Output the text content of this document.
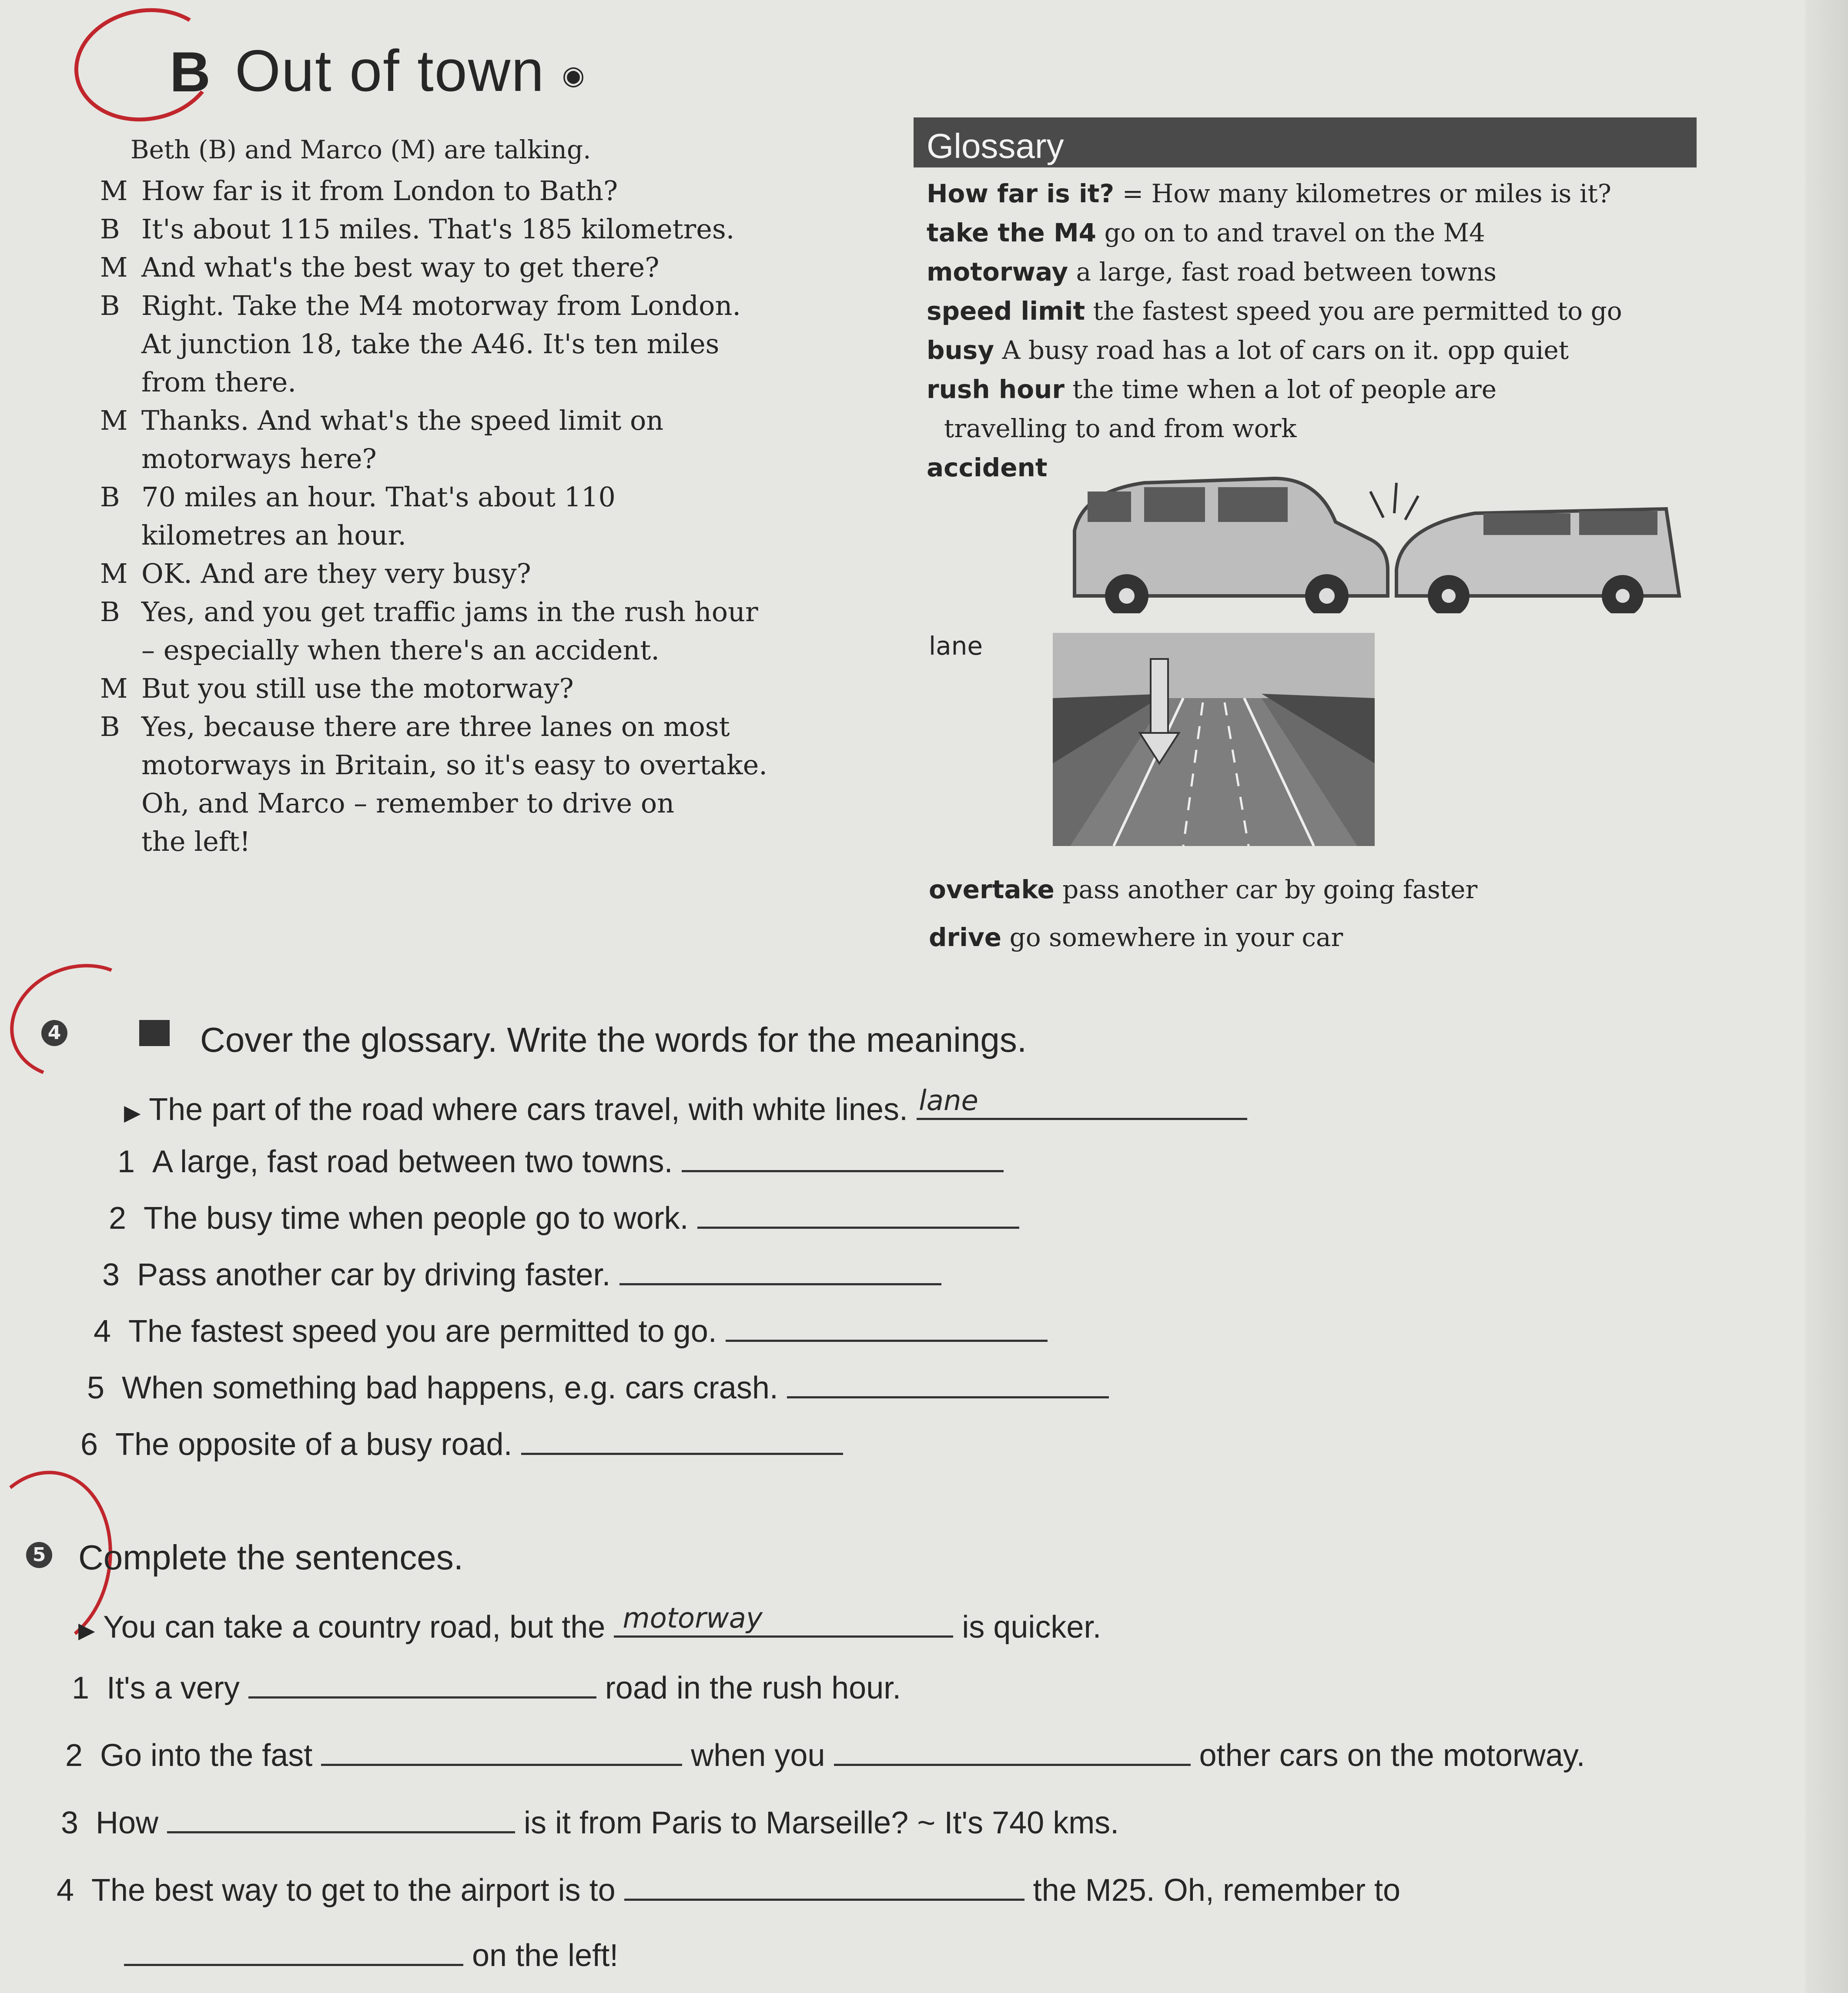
B Out of town ◉
Beth (B) and Marco (M) are talking.
M How far is it from London to Bath?
B It's about 115 miles. That's 185 kilometres.
M And what's the best way to get there?
B Right. Take the M4 motorway from London.
At junction 18, take the A46. It's ten miles
from there.
M Thanks. And what's the speed limit on
motorways here?
B 70 miles an hour. That's about 110
kilometres an hour.
M OK. And are they very busy?
B Yes, and you get traffic jams in the rush hour
– especially when there's an accident.
M But you still use the motorway?
B Yes, because there are three lanes on most
motorways in Britain, so it's easy to overtake.
Oh, and Marco – remember to drive on
the left!
Glossary
How far is it? = How many kilometres or miles is it?
take the M4 go on to and travel on the M4
motorway a large, fast road between towns
speed limit the fastest speed you are permitted to go
busy A busy road has a lot of cars on it. opp quiet
rush hour the time when a lot of people are
travelling to and from work
accident
lane
overtake pass another car by going faster
drive go somewhere in your car
4	Cover the glossary. Write the words for the meanings.
▶ The part of the road where cars travel, with white lines. lane
1 A large, fast road between two towns.
2 The busy time when people go to work.
3 Pass another car by driving faster.
4 The fastest speed you are permitted to go.
5 When something bad happens, e.g. cars crash.
6 The opposite of a busy road.
5 Complete the sentences.
▶ You can take a country road, but the motorway	is quicker.
1 It's a very	road in the rush hour.
2 Go into the fast	when you	other cars on the motorway.
3 How	is it from Paris to Marseille? ~ It's 740 kms.
4 The best way to get to the airport is to	the M25. Oh, remember to
on the left!
